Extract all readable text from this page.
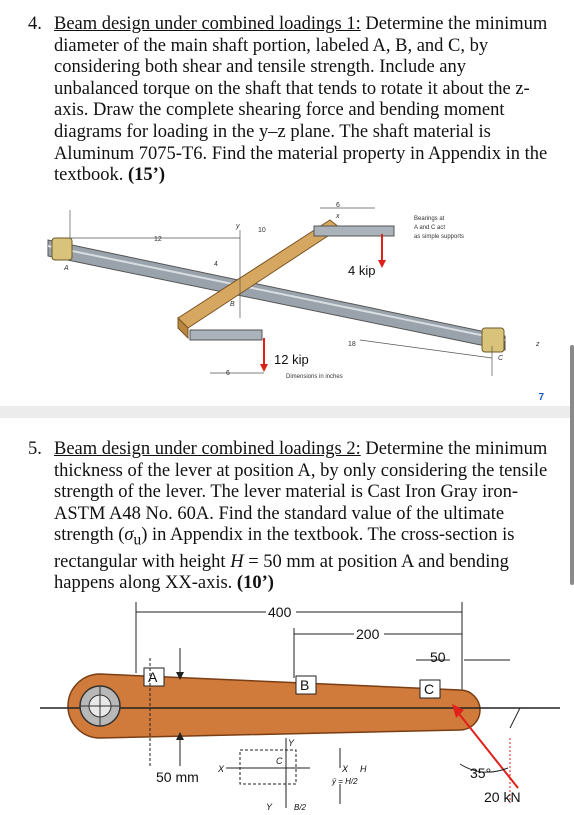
4. Beam design under combined loadings 1: Determine the minimum diameter of the main shaft portion, labeled A, B, and C, by considering both shear and tensile strength. Include any unbalanced torque on the shaft that tends to rotate it about the z-axis. Draw the complete shearing force and bending moment diagrams for loading in the y–z plane. The shaft material is Aluminum 7075-T6. Find the material property in Appendix in the textbook. (15’)
4 kip
12 kip
12
10
6
4
18
6
A
B
C
x
y
z
Bearings at
A and C act
as simple supports
Dimensions in inches
7
5. Beam design under combined loadings 2: Determine the minimum thickness of the lever at position A, by only considering the tensile strength of the lever. The lever material is Cast Iron Gray iron-ASTM A48 No. 60A. Find the standard value of the ultimate strength $(\sigma_u)$ in Appendix in the textbook. The cross-section is rectangular with height H = 50 mm at position A and bending happens along XX-axis. (10’)
400
200
50
A	B	C
35°
20 kN
50 mm X	X
Y
Y
C
H
ȳ = H/2
B/2
